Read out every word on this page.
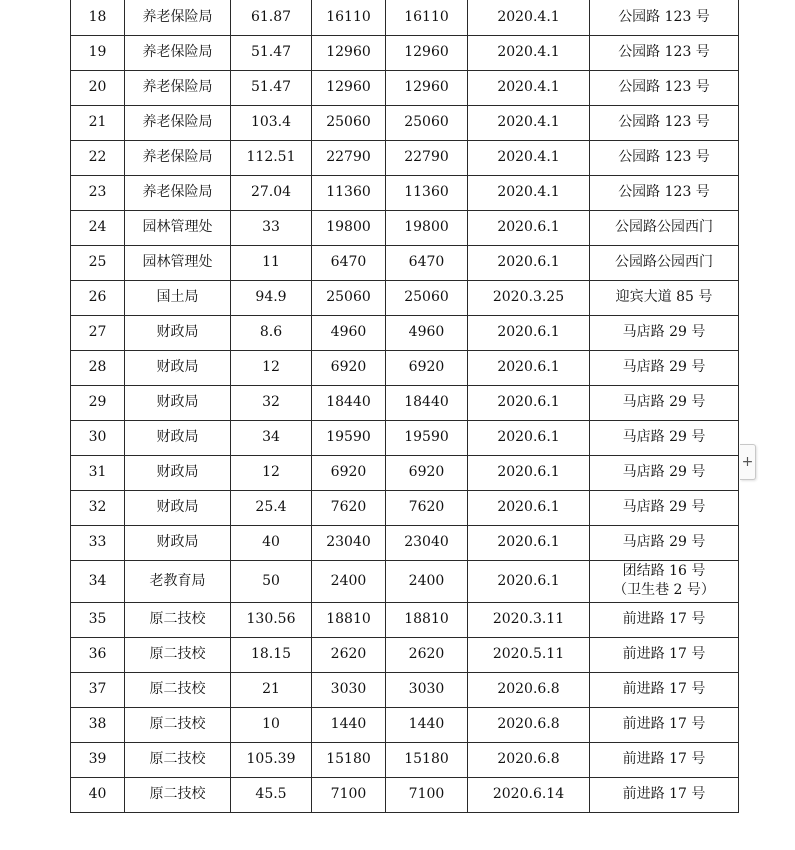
18	养老保险局	61.87	16110	16110	2020.4.1	公园路 123 号

19	养老保险局	51.47	12960	12960	2020.4.1	公园路 123 号

20	养老保险局	51.47	12960	12960	2020.4.1	公园路 123 号

21	养老保险局	103.4	25060	25060	2020.4.1	公园路 123 号

22	养老保险局	112.51	22790	22790	2020.4.1	公园路 123 号

23	养老保险局	27.04	11360	11360	2020.4.1	公园路 123 号

24	园林管理处	33	19800	19800	2020.6.1	公园路公园西门

25	园林管理处	11	6470	6470	2020.6.1	公园路公园西门

26	国土局	94.9	25060	25060	2020.3.25	迎宾大道 85 号

27	财政局	8.6	4960	4960	2020.6.1	马店路 29 号

28	财政局	12	6920	6920	2020.6.1	马店路 29 号

29	财政局	32	18440	18440	2020.6.1	马店路 29 号

30	财政局	34	19590	19590	2020.6.1	马店路 29 号

31	财政局	12	6920	6920	2020.6.1	马店路 29 号

32	财政局	25.4	7620	7620	2020.6.1	马店路 29 号

33	财政局	40	23040	23040	2020.6.1	马店路 29 号

34	老教育局	50	2400	2400	2020.6.1	团结路 16 号
（卫生巷 2 号）

35	原二技校	130.56	18810	18810	2020.3.11	前进路 17 号

36	原二技校	18.15	2620	2620	2020.5.11	前进路 17 号

37	原二技校	21	3030	3030	2020.6.8	前进路 17 号

38	原二技校	10	1440	1440	2020.6.8	前进路 17 号

39	原二技校	105.39	15180	15180	2020.6.8	前进路 17 号

40	原二技校	45.5	7100	7100	2020.6.14	前进路 17 号
+
